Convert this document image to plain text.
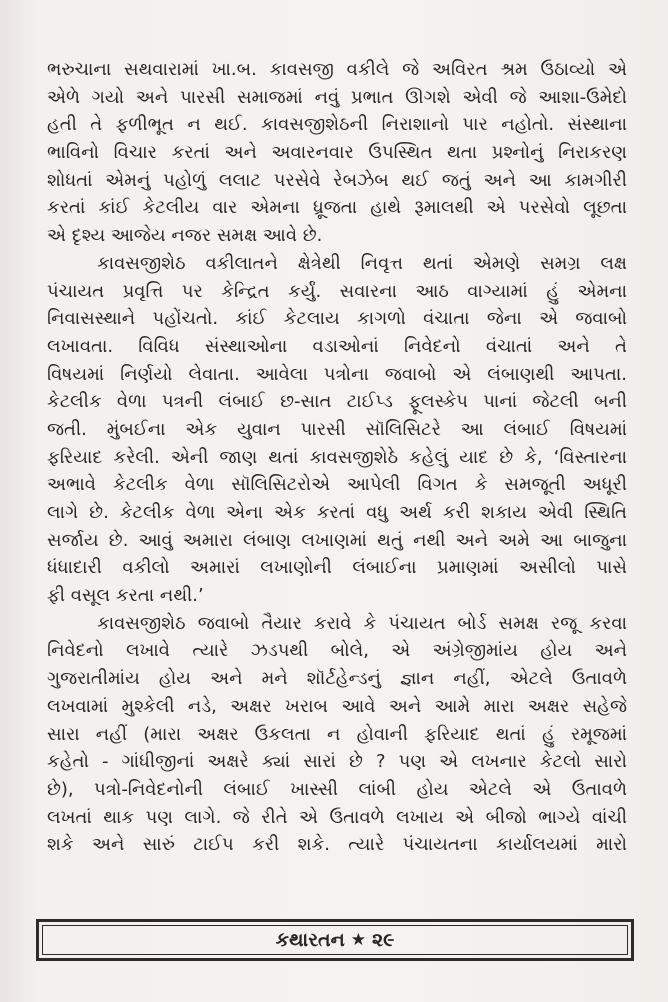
ભરુચાના સથવારામાં ખા.બ. કાવસજી વકીલે જે અવિરત શ્રમ ઉઠાવ્યો એ
એળે ગયો અને પારસી સમાજમાં નવું પ્રભાત ઊગશે એવી જે આશા-ઉમેદો
હતી તે ફળીભૂત ન થઈ. કાવસજીશેઠની નિરાશાનો પાર નહોતો. સંસ્થાના
ભાવિનો વિચાર કરતાં અને અવારનવાર ઉપસ્થિત થતા પ્રશ્નોનું નિરાકરણ
શોધતાં એમનું પહોળું લલાટ પરસેવે રેબઝેબ થઈ જતું અને આ કામગીરી
કરતાં કાંઈ કેટલીય વાર એમના ધ્રૂજતા હાથે રૂમાલથી એ પરસેવો લૂછતા
એ દૃશ્ય આજેય નજર સમક્ષ આવે છે.
કાવસજીશેઠ વકીલાતને ક્ષેત્રેથી નિવૃત્ત થતાં એમણે સમગ્ર લક્ષ
પંચાયત પ્રવૃત્તિ પર કેન્દ્રિત કર્યું. સવારના આઠ વાગ્યામાં હું એમના
નિવાસસ્થાને પહોંચતો. કાંઈ કેટલાય કાગળો વંચાતા જેના એ જવાબો
લખાવતા. વિવિધ સંસ્થાઓના વડાઓનાં નિવેદનો વંચાતાં અને તે
વિષયમાં નિર્ણયો લેવાતા. આવેલા પત્રોના જવાબો એ લંબાણથી આપતા.
કેટલીક વેળા પત્રની લંબાઈ છ-સાત ટાઈપ્ડ ફૂલસ્કેપ પાનાં જેટલી બની
જતી. મુંબઈના એક યુવાન પારસી સૉલિસિટરે આ લંબાઈ વિષયમાં
ફરિયાદ કરેલી. એની જાણ થતાં કાવસજીશેઠે કહેલું યાદ છે કે, ‘વિસ્તારના
અભાવે કેટલીક વેળા સૉલિસિટરોએ આપેલી વિગત કે સમજૂતી અધૂરી
લાગે છે. કેટલીક વેળા એના એક કરતાં વધુ અર્થ કરી શકાય એવી સ્થિતિ
સર્જાય છે. આવું અમારા લંબાણ લખાણમાં થતું નથી અને અમે આ બાજુના
ધંધાદારી વકીલો અમારાં લખાણોની લંબાઈના પ્રમાણમાં અસીલો પાસે
ફી વસૂલ કરતા નથી.’
કાવસજીશેઠ જવાબો તૈયાર કરાવે કે પંચાયત બોર્ડ સમક્ષ રજૂ કરવા
નિવેદનો લખાવે ત્યારે ઝડપથી બોલે, એ અંગ્રેજીમાંય હોય અને
ગુજરાતીમાંય હોય અને મને શૉર્ટહેન્ડનું જ્ઞાન નહીં, એટલે ઉતાવળે
લખવામાં મુશ્કેલી નડે, અક્ષર ખરાબ આવે અને આમે મારા અક્ષર સહેજે
સારા નહીં (મારા અક્ષર ઉકલતા ન હોવાની ફરિયાદ થતાં હું રમૂજમાં
કહેતો - ગાંધીજીનાં અક્ષરે ક્યાં સારાં છે ? પણ એ લખનાર કેટલો સારો
છે), પત્રો-નિવેદનોની લંબાઈ ખાસ્સી લાંબી હોય એટલે એ ઉતાવળે
લખતાં થાક પણ લાગે. જે રીતે એ ઉતાવળે લખાય એ બીજો ભાગ્યે વાંચી
શકે અને સારું ટાઈપ કરી શકે. ત્યારે પંચાયતના કાર્યાલયમાં મારો
કથારતન ★ ૨૯
